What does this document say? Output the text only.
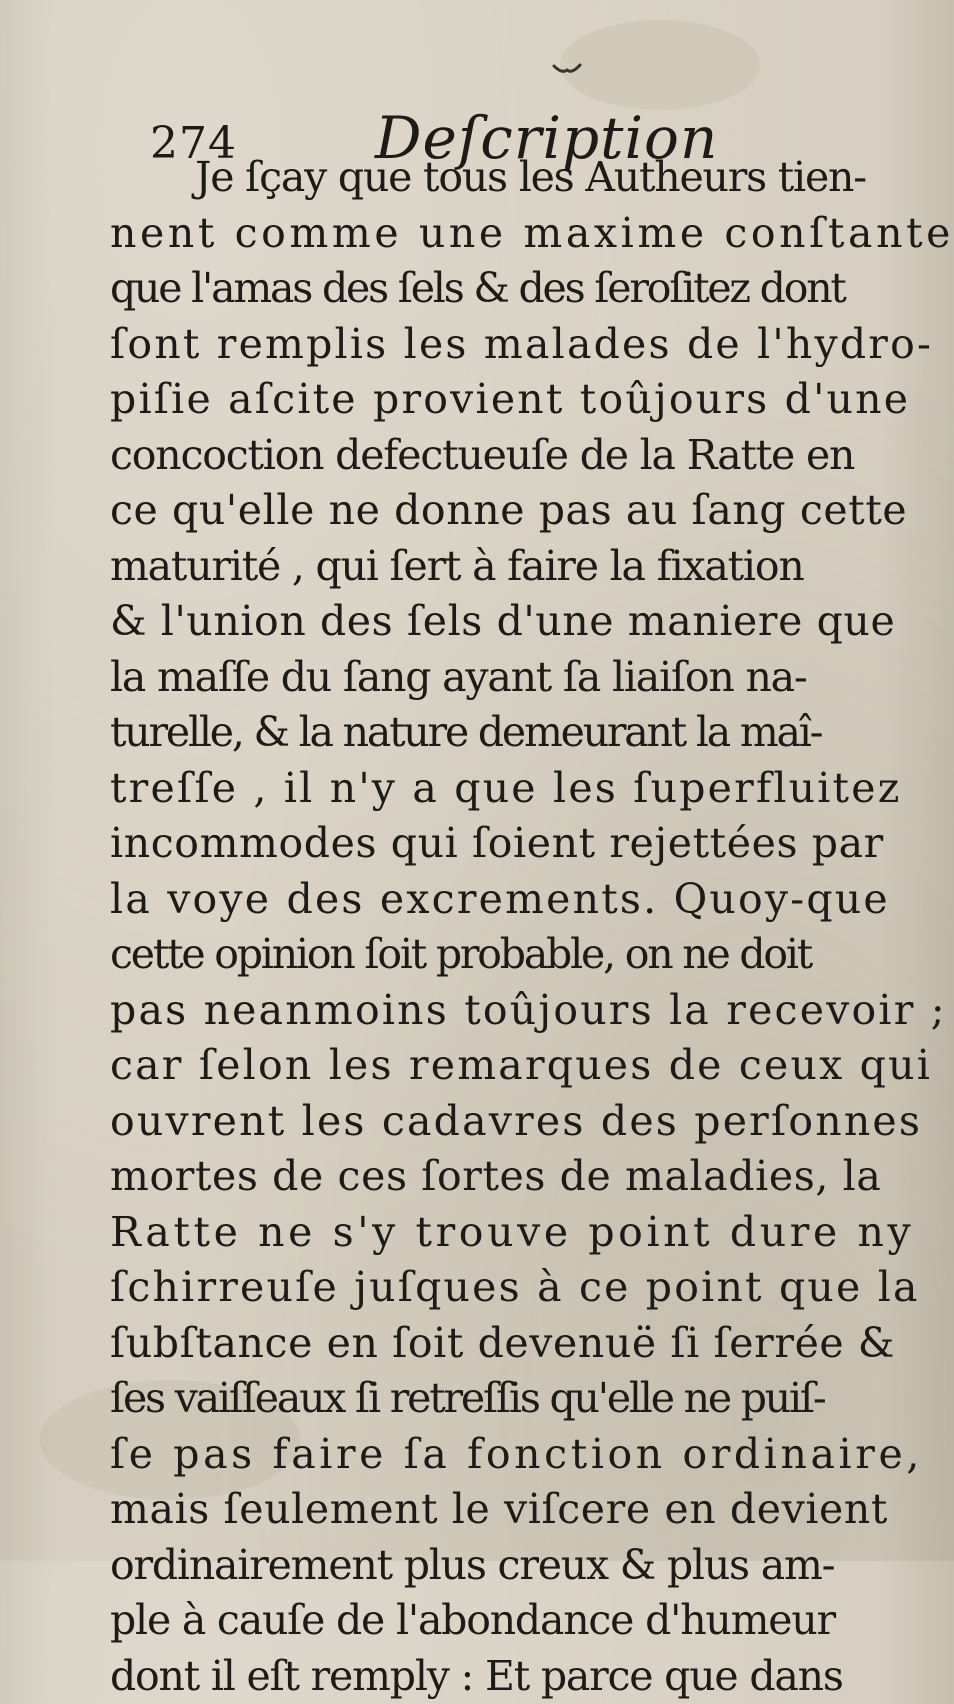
274 Deſcription
Je ſçay que tous les Autheurs tien-
nent comme une maxime conſtante
que l'amas des ſels & des ſeroſitez dont
ſont remplis les malades de l'hydro-
piſie aſcite provient toûjours d'une
concoction defectueuſe de la Ratte en
ce qu'elle ne donne pas au ſang cette
maturité , qui ſert à faire la fixation
& l'union des ſels d'une maniere que
la maſſe du ſang ayant ſa liaiſon na-
turelle, & la nature demeurant la maî-
treſſe , il n'y a que les ſuperfluitez
incommodes qui ſoient rejettées par
la voye des excrements. Quoy-que
cette opinion ſoit probable, on ne doit
pas neanmoins toûjours la recevoir ;
car ſelon les remarques de ceux qui
ouvrent les cadavres des perſonnes
mortes de ces ſortes de maladies, la
Ratte ne s'y trouve point dure ny
ſchirreuſe juſques à ce point que la
ſubſtance en ſoit devenuë ſi ſerrée &
ſes vaiſſeaux ſi retreſſis qu'elle ne puiſ-
ſe pas faire ſa fonction ordinaire,
mais ſeulement le viſcere en devient
ordinairement plus creux & plus am-
ple à cauſe de l'abondance d'humeur
dont il eſt remply : Et parce que dans
